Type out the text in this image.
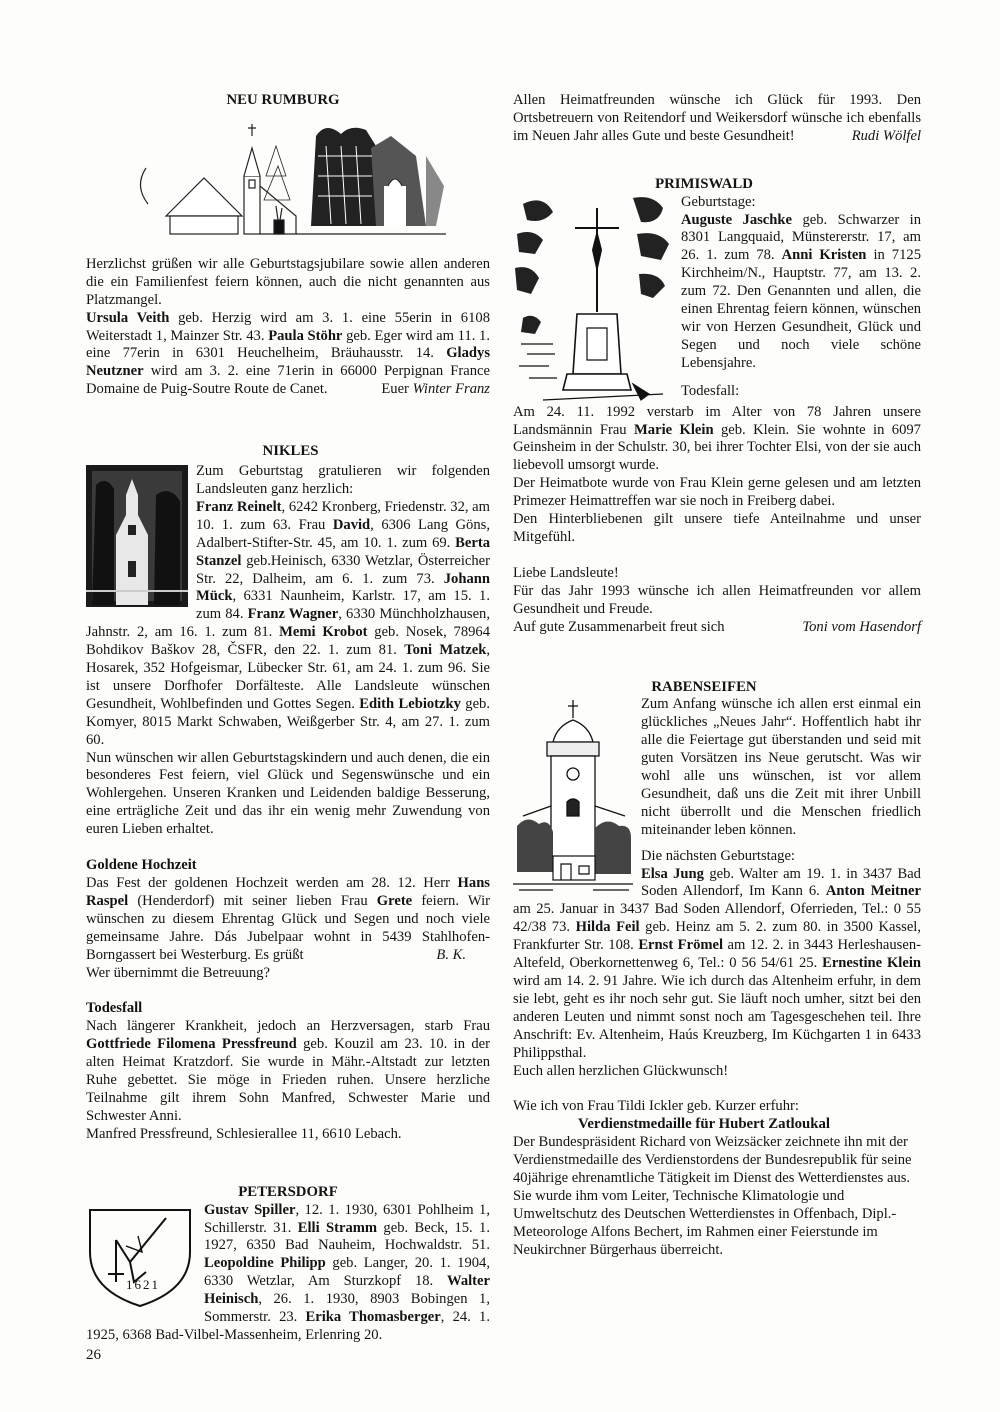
NEU RUMBURG

Herzlichst grüßen wir alle Geburtstagsjubilare sowie allen anderen die ein Familienfest feiern können, auch die nicht genannten aus Platzmangel.

Ursula Veith geb. Herzig wird am 3. 1. eine 55erin in 6108 Weiterstadt 1, Mainzer Str. 43. Paula Stöhr geb. Eger wird am 11. 1. eine 77erin in 6301 Heuchelheim, Bräuhausstr. 14. Gladys Neutzner wird am 3. 2. eine 71erin in 66000 Perpignan France Domaine de Puig-Soutre Route de Canet.	Euer Winter Franz

NIKLES

Zum Geburtstag gratulieren wir folgenden Landsleuten ganz herzlich:

Franz Reinelt, 6242 Kronberg, Friedenstr. 32, am 10. 1. zum 63. Frau David, 6306 Lang Göns, Adalbert-Stifter-Str. 45, am 10. 1. zum 69. Berta Stanzel geb.Heinisch, 6330 Wetzlar, Österreicher Str. 22, Dalheim, am 6. 1. zum 73. Johann Mück, 6331 Naunheim, Karlstr. 17, am 15. 1. zum 84. Franz Wagner, 6330 Münchholzhausen, Jahnstr. 2, am 16. 1. zum 81. Memi Krobot geb. Nosek, 78964 Bohdikov Baškov 28, ČSFR, den 22. 1. zum 81. Toni Matzek, Hosarek, 352 Hofgeismar, Lübecker Str. 61, am 24. 1. zum 96. Sie ist unsere Dorfhofer Dorfälteste. Alle Landsleute wünschen Gesundheit, Wohlbefinden und Gottes Segen. Edith Lebiotzky geb. Komyer, 8015 Markt Schwaben, Weißgerber Str. 4, am 27. 1. zum 60.

Nun wünschen wir allen Geburtstagskindern und auch denen, die ein besonderes Fest feiern, viel Glück und Segenswünsche und ein Wohlergehen. Unseren Kranken und Leidenden baldige Besserung, eine erträgliche Zeit und das ihr ein wenig mehr Zuwendung von euren Lieben erhaltet.

Goldene Hochzeit

Das Fest der goldenen Hochzeit werden am 28. 12. Herr Hans Raspel (Henderdorf) mit seiner lieben Frau Grete feiern. Wir wünschen zu diesem Ehrentag Glück und Segen und noch viele gemeinsame Jahre. Dás Jubelpaar wohnt in 5439 Stahlhofen-Borngassert bei Westerburg. Es grüßt	B. K.

Wer übernimmt die Betreuung?

Todesfall

Nach längerer Krankheit, jedoch an Herzversagen, starb Frau Gottfriede Filomena Pressfreund geb. Kouzil am 23. 10. in der alten Heimat Kratzdorf. Sie wurde in Mähr.-Altstadt zur letzten Ruhe gebettet. Sie möge in Frieden ruhen. Unsere herzliche Teilnahme gilt ihrem Sohn Manfred, Schwester Marie und Schwester Anni.

Manfred Pressfreund, Schlesierallee 11, 6610 Lebach.

PETERSDORF

1621

Gustav Spiller, 12. 1. 1930, 6301 Pohlheim 1, Schillerstr. 31. Elli Stramm geb. Beck, 15. 1. 1927, 6350 Bad Nauheim, Hochwaldstr. 51. Leopoldine Philipp geb. Langer, 20. 1. 1904, 6330 Wetzlar, Am Sturzkopf 18. Walter Heinisch, 26. 1. 1930, 8903 Bobingen 1, Sommerstr. 23. Erika Thomasberger, 24. 1. 1925, 6368 Bad-Vilbel-Massenheim, Erlenring 20.

Allen Heimatfreunden wünsche ich Glück für 1993. Den Ortsbetreuern von Reitendorf und Weikersdorf wünsche ich ebenfalls im Neuen Jahr alles Gute und beste Gesundheit!	Rudi Wölfel

PRIMISWALD

Geburtstage:

Auguste Jaschke geb. Schwarzer in 8301 Langquaid, Münstererstr. 17, am 26. 1. zum 78. Anni Kristen in 7125 Kirchheim/N., Hauptstr. 77, am 13. 2. zum 72. Den Genannten und allen, die einen Ehrentag feiern können, wünschen wir von Herzen Gesundheit, Glück und Segen und noch viele schöne Lebensjahre.

Todesfall:

Am 24. 11. 1992 verstarb im Alter von 78 Jahren unsere Landsmännin Frau Marie Klein geb. Klein. Sie wohnte in 6097 Geinsheim in der Schulstr. 30, bei ihrer Tochter Elsi, von der sie auch liebevoll umsorgt wurde.

Der Heimatbote wurde von Frau Klein gerne gelesen und am letzten Primezer Heimattreffen war sie noch in Freiberg dabei.

Den Hinterbliebenen gilt unsere tiefe Anteilnahme und unser Mitgefühl.

Liebe Landsleute!

Für das Jahr 1993 wünsche ich allen Heimatfreunden vor allem Gesundheit und Freude.

Auf gute Zusammenarbeit freut sich	Toni vom Hasendorf

RABENSEIFEN

Zum Anfang wünsche ich allen erst einmal ein glückliches „Neues Jahr“. Hoffentlich habt ihr alle die Feiertage gut überstanden und seid mit guten Vorsätzen ins Neue gerutscht. Was wir wohl alle uns wünschen, ist vor allem Gesundheit, daß uns die Zeit mit ihrer Unbill nicht überrollt und die Menschen friedlich miteinander leben können.

Die nächsten Geburtstage:

Elsa Jung geb. Walter am 19. 1. in 3437 Bad Soden Allendorf, Im Kann 6. Anton Meitner am 25. Januar in 3437 Bad Soden Allendorf, Oferrieden, Tel.: 0 55 42/38 73. Hilda Feil geb. Heinz am 5. 2. zum 80. in 3500 Kassel, Frankfurter Str. 108. Ernst Frömel am 12. 2. in 3443 Herleshausen-Altefeld, Oberkornettenweg 6, Tel.: 0 56 54/61 25. Ernestine Klein wird am 14. 2. 91 Jahre. Wie ich durch das Altenheim erfuhr, in dem sie lebt, geht es ihr noch sehr gut. Sie läuft noch umher, sitzt bei den anderen Leuten und nimmt sonst noch am Tagesgeschehen teil. Ihre Anschrift: Ev. Altenheim, Haús Kreuzberg, Im Küchgarten 1 in 6433 Philippsthal.

Euch allen herzlichen Glückwunsch!

Wie ich von Frau Tildi Ickler geb. Kurzer erfuhr:

Verdienstmedaille für Hubert Zatloukal

Der Bundespräsident Richard von Weizsäcker zeichnete ihn mit der Verdienstmedaille des Verdienstordens der Bundesrepublik für seine 40jährige ehrenamtliche Tätigkeit im Dienst des Wetterdienstes aus.

Sie wurde ihm vom Leiter, Technische Klimatologie und Umweltschutz des Deutschen Wetterdienstes in Offenbach, Dipl.-Meteorologe Alfons Bechert, im Rahmen einer Feierstunde im Neukirchner Bürgerhaus überreicht.

26
